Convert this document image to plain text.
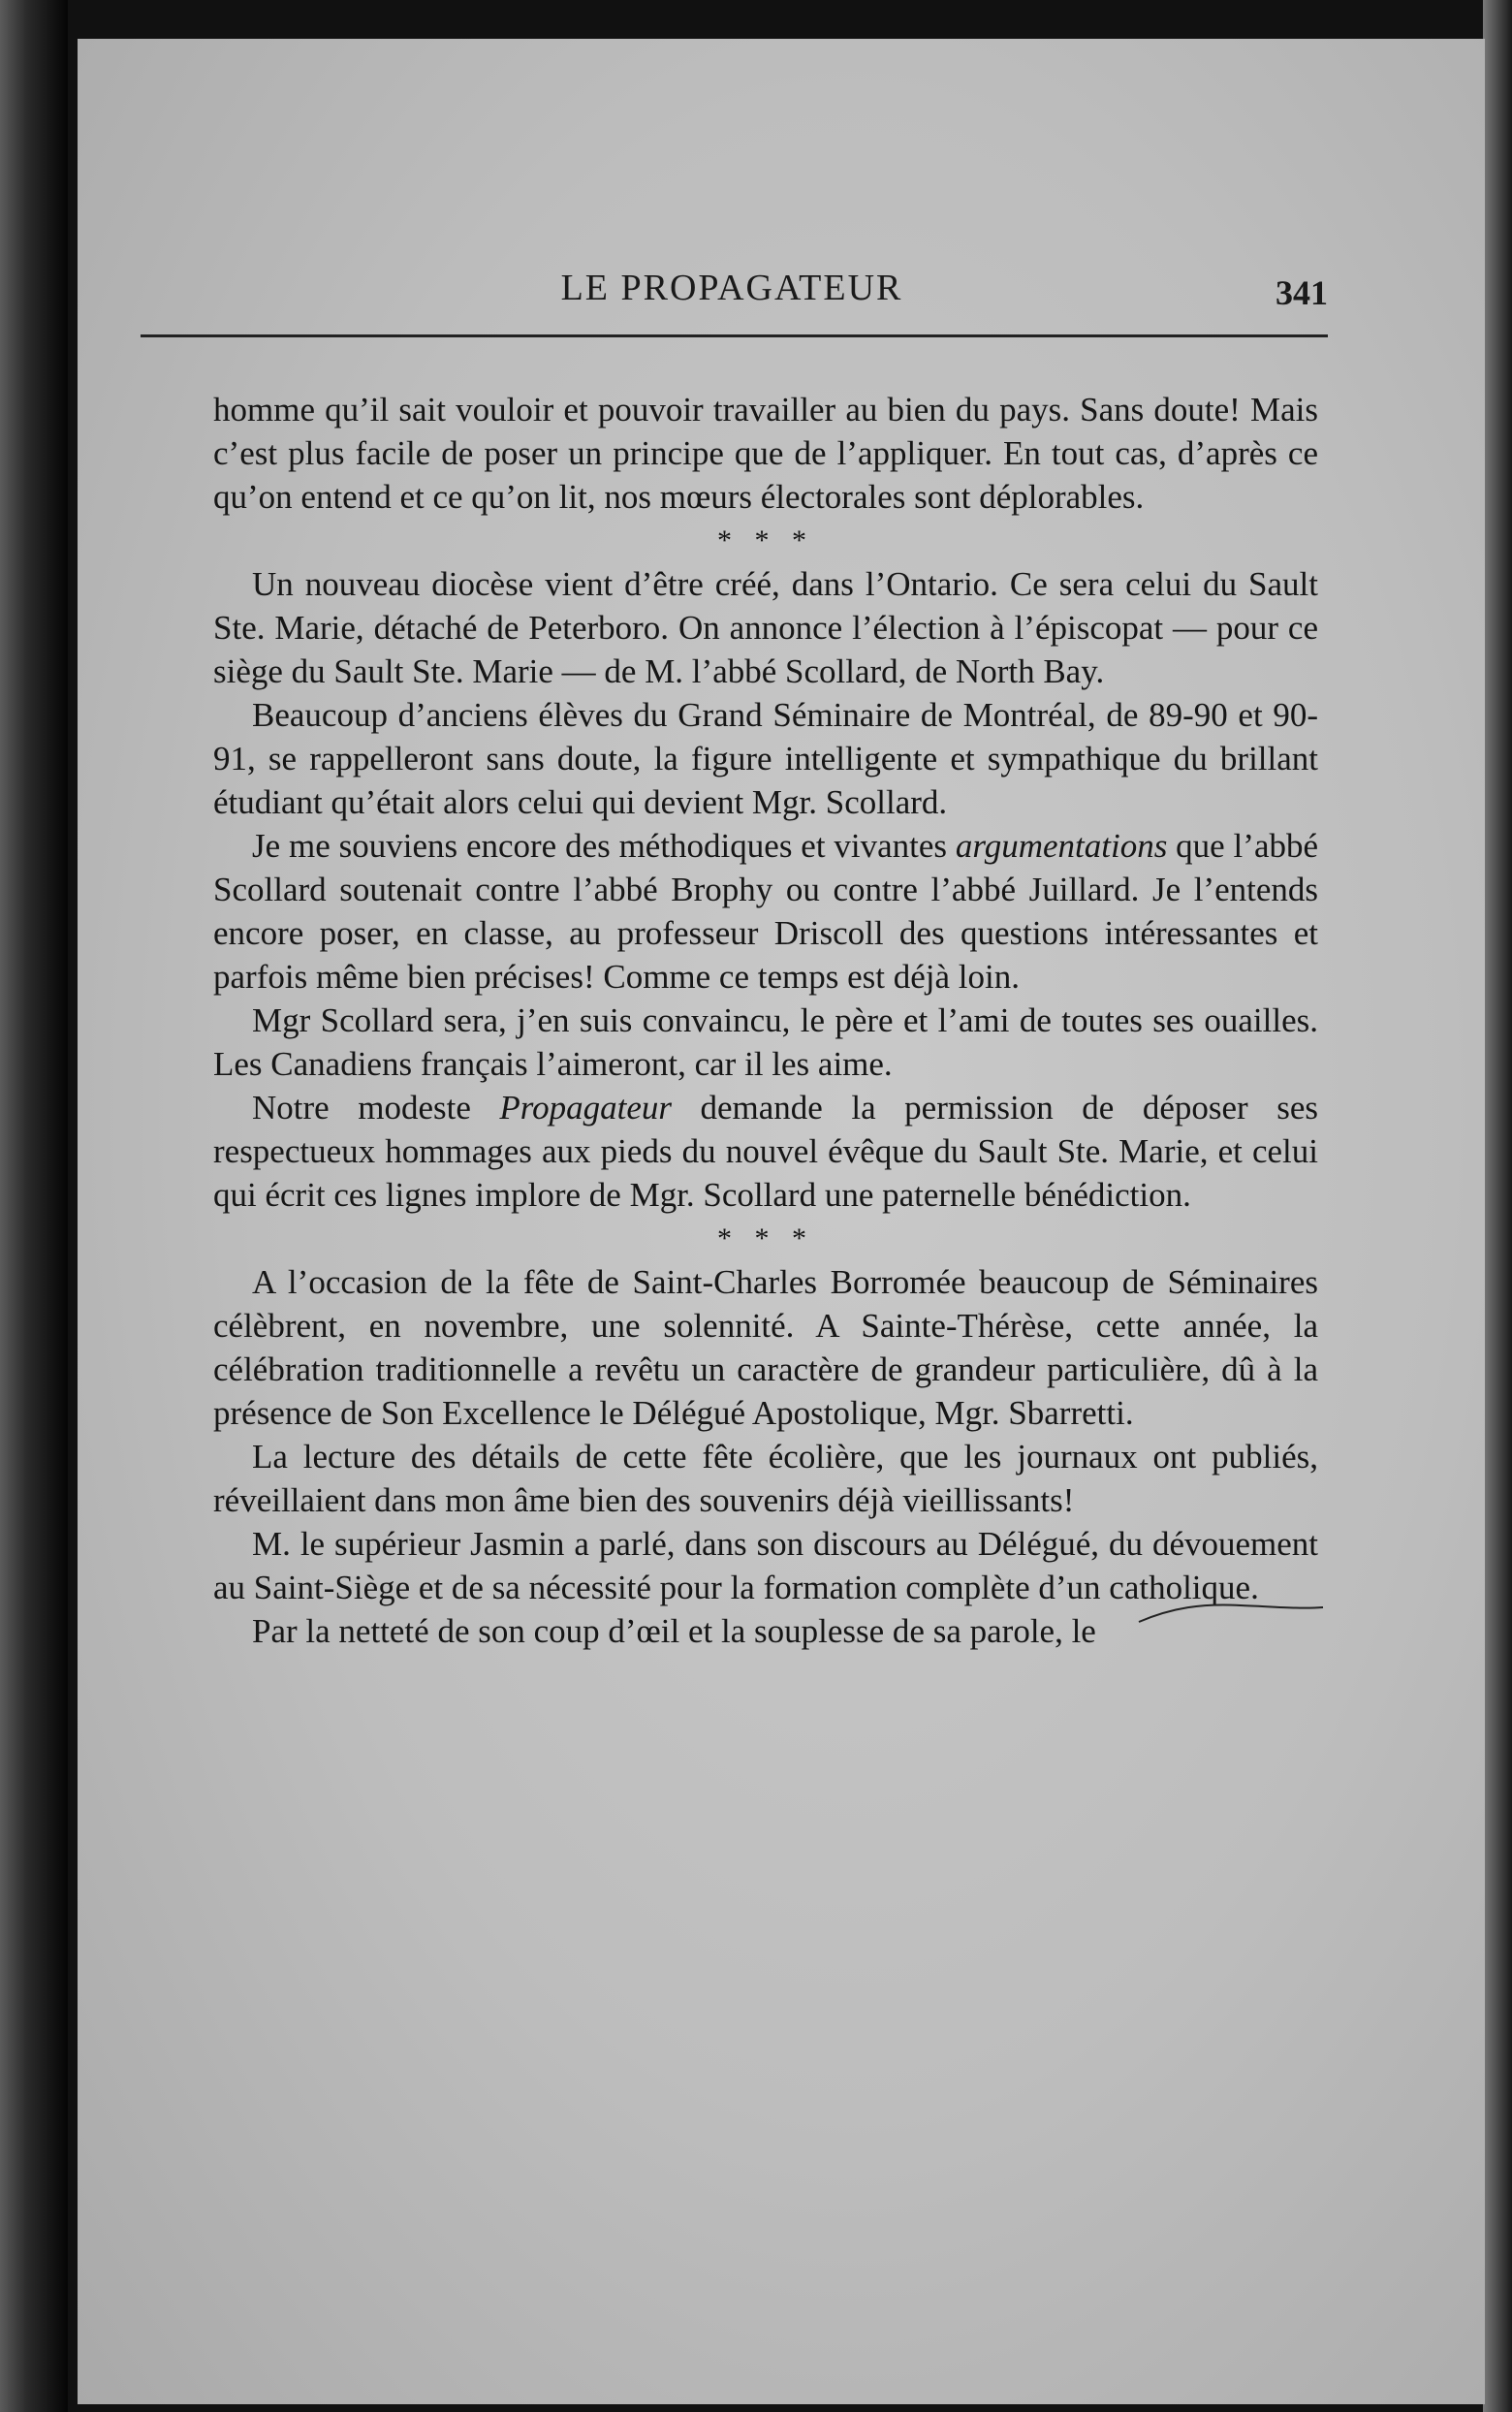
LE PROPAGATEUR	341

homme qu’il sait vouloir et pouvoir travailler au bien du pays. Sans doute! Mais c’est plus facile de poser un principe que de l’appliquer. En tout cas, d’après ce qu’on entend et ce qu’on lit, nos mœurs électorales sont déplorables.

* * *

Un nouveau diocèse vient d’être créé, dans l’Ontario. Ce sera celui du Sault Ste. Marie, détaché de Peterboro. On annonce l’élection à l’épiscopat — pour ce siège du Sault Ste. Marie — de M. l’abbé Scollard, de North Bay.

Beaucoup d’anciens élèves du Grand Séminaire de Montréal, de 89-90 et 90-91, se rappelleront sans doute, la figure intelligente et sympathique du brillant étudiant qu’était alors celui qui devient Mgr. Scollard.

Je me souviens encore des méthodiques et vivantes argumentations que l’abbé Scollard soutenait contre l’abbé Brophy ou contre l’abbé Juillard. Je l’entends encore poser, en classe, au professeur Driscoll des questions intéressantes et parfois même bien précises! Comme ce temps est déjà loin.

Mgr Scollard sera, j’en suis convaincu, le père et l’ami de toutes ses ouailles. Les Canadiens français l’aimeront, car il les aime.

Notre modeste Propagateur demande la permission de déposer ses respectueux hommages aux pieds du nouvel évêque du Sault Ste. Marie, et celui qui écrit ces lignes implore de Mgr. Scollard une paternelle bénédiction.

* * *

A l’occasion de la fête de Saint-Charles Borromée beaucoup de Séminaires célèbrent, en novembre, une solennité. A Sainte-Thérèse, cette année, la célébration traditionnelle a revêtu un caractère de grandeur particulière, dû à la présence de Son Excellence le Délégué Apostolique, Mgr. Sbarretti.

La lecture des détails de cette fête écolière, que les journaux ont publiés, réveillaient dans mon âme bien des souvenirs déjà vieillissants!

M. le supérieur Jasmin a parlé, dans son discours au Délégué, du dévouement au Saint-Siège et de sa nécessité pour la formation complète d’un catholique.

Par la netteté de son coup d’œil et la souplesse de sa parole, le
